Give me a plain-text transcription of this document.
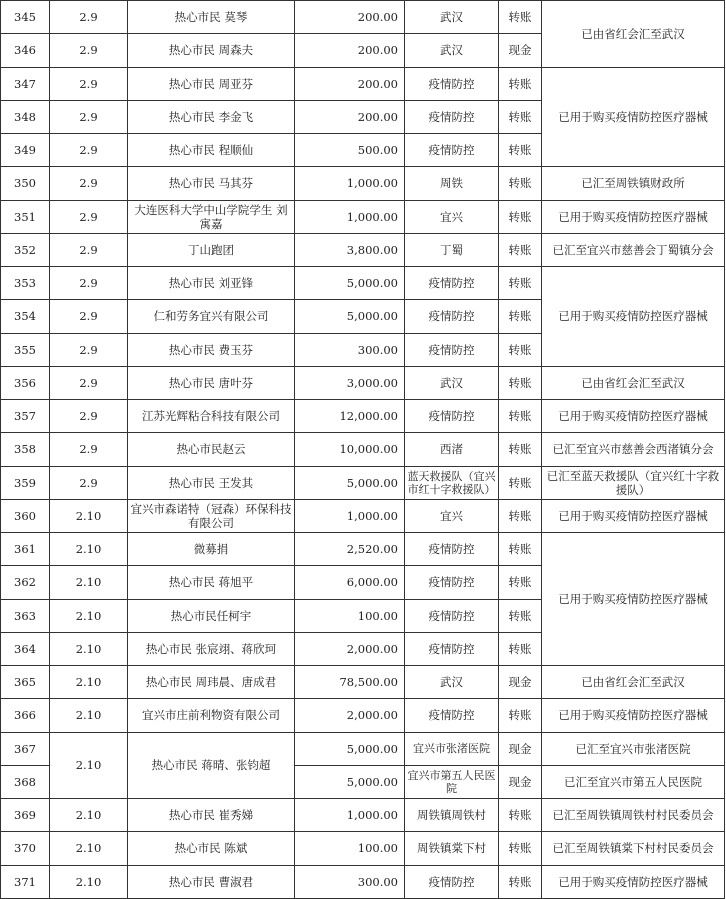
345	2.9	热心市民 莫琴	200.00	武汉	转账	已由省红会汇至武汉
346	2.9	热心市民 周森夫	200.00	武汉	现金	
347	2.9	热心市民 周亚芬	200.00	疫情防控	转账	已用于购买疫情防控医疗器械
348	2.9	热心市民 李金飞	200.00	疫情防控	转账	
349	2.9	热心市民 程顺仙	500.00	疫情防控	转账	
350	2.9	热心市民 马其芬	1,000.00	周铁	转账	已汇至周铁镇财政所
351	2.9	大连医科大学中山学院学生 刘寓嘉	1,000.00	宜兴	转账	已用于购买疫情防控医疗器械
352	2.9	丁山跑团	3,800.00	丁蜀	转账	已汇至宜兴市慈善会丁蜀镇分会
353	2.9	热心市民 刘亚锋	5,000.00	疫情防控	转账	已用于购买疫情防控医疗器械
354	2.9	仁和劳务宜兴有限公司	5,000.00	疫情防控	转账	
355	2.9	热心市民 费玉芬	300.00	疫情防控	转账	
356	2.9	热心市民 唐叶芬	3,000.00	武汉	转账	已由省红会汇至武汉
357	2.9	江苏光辉粘合科技有限公司	12,000.00	疫情防控	转账	已用于购买疫情防控医疗器械
358	2.9	热心市民赵云	10,000.00	西渚	转账	已汇至宜兴市慈善会西渚镇分会
359	2.9	热心市民 王发其	5,000.00	蓝天救援队（宜兴市红十字救援队）	转账	已汇至蓝天救援队（宜兴红十字救援队）
360	2.10	宜兴市森诺特（冠森）环保科技有限公司	1,000.00	宜兴	转账	已用于购买疫情防控医疗器械
361	2.10	微募捐	2,520.00	疫情防控	转账	已用于购买疫情防控医疗器械
362	2.10	热心市民 蒋旭平	6,000.00	疫情防控	转账	
363	2.10	热心市民任柯宇	100.00	疫情防控	转账	
364	2.10	热心市民 张宸翊、蒋欣珂	2,000.00	疫情防控	转账	
365	2.10	热心市民 周玮晨、唐成君	78,500.00	武汉	现金	已由省红会汇至武汉
366	2.10	宜兴市庄前利物资有限公司	2,000.00	疫情防控	转账	已用于购买疫情防控医疗器械
367	2.10	热心市民 蒋晴、张钧超	5,000.00	宜兴市张渚医院	现金	已汇至宜兴市张渚医院
368			5,000.00	宜兴市第五人民医院	现金	已汇至宜兴市第五人民医院
369	2.10	热心市民 崔秀娣	1,000.00	周铁镇周铁村	转账	已汇至周铁镇周铁村村民委员会
370	2.10	热心市民 陈斌	100.00	周铁镇棠下村	转账	已汇至周铁镇棠下村村民委员会
371	2.10	热心市民 曹淑君	300.00	疫情防控	转账	已用于购买疫情防控医疗器械
